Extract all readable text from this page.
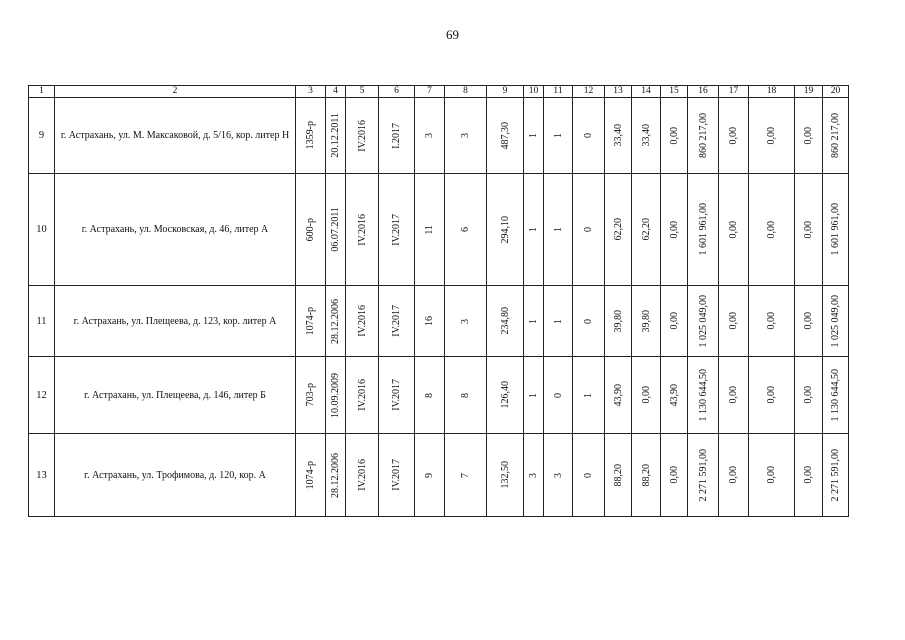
69
1	2	3	4	5	6	7	8	9	10	11	12	13	14	15	16	17	18	19	20
9	г. Астрахань, ул. М. Максаковой, д. 5/16, кор. литер Н	1359-р	20.12.2011	IV.2016	I.2017	3	3	487,30	1	1	0	33,40	33,40	0,00	860 217,00	0,00	0,00	0,00	860 217,00

10	г. Астрахань, ул. Московская, д. 46, литер А	600-р	06.07.2011	IV.2016	IV.2017	11	6	294,10	1	1	0	62,20	62,20	0,00	1 601 961,00	0,00	0,00	0,00	1 601 961,00

11	г. Астрахань, ул. Плещеева, д. 123, кор. литер А	1074-р	28.12.2006	IV.2016	IV.2017	16	3	234,80	1	1	0	39,80	39,80	0,00	1 025 049,00	0,00	0,00	0,00	1 025 049,00

12	г. Астрахань, ул. Плещеева, д. 146, литер Б	703-р	10.09.2009	IV.2016	IV.2017	8	8	126,40	1	0	1	43,90	0,00	43,90	1 130 644,50	0,00	0,00	0,00	1 130 644,50

13	г. Астрахань, ул. Трофимова, д. 120, кор. А	1074-р	28.12.2006	IV.2016	IV.2017	9	7	132,50	3	3	0	88,20	88,20	0,00	2 271 591,00	0,00	0,00	0,00	2 271 591,00
